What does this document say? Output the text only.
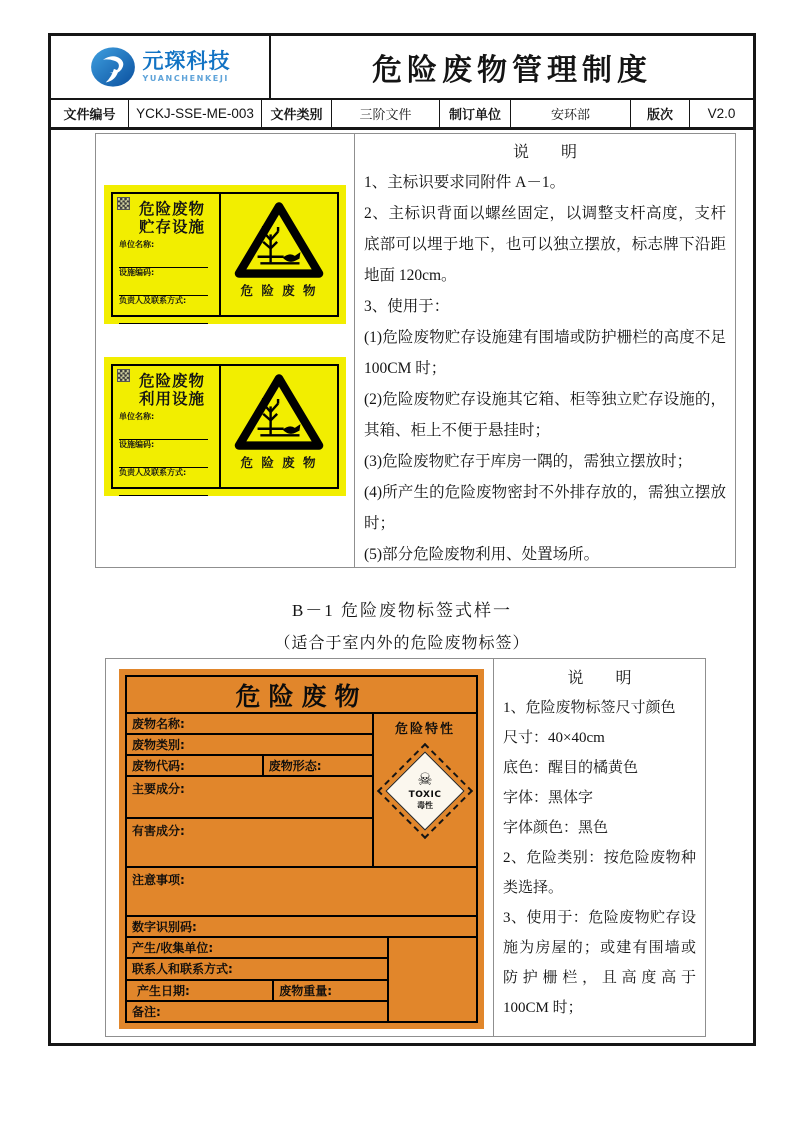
元琛科技
YUANCHENKEJI	危险废物管理制度
文件编号	YCKJ-SSE-ME-003	文件类别	三阶文件	制订单位	安环部	版次	V2.0
危险废物
贮存设施
单位名称:
设施编码:
负责人及联系方式:
危 险 废 物
危险废物
利用设施
单位名称:
设施编码:
负责人及联系方式:
危 险 废 物
说　　明

1、主标识要求同附件 A－1。

2、主标识背面以螺丝固定，以调整支杆高度，支杆底部可以埋于地下，也可以独立摆放，标志牌下沿距地面 120cm。

3、使用于：

(1)危险废物贮存设施建有围墙或防护栅栏的高度不足 100CM 时；

(2)危险废物贮存设施其它箱、柜等独立贮存设施的，其箱、柜上不便于悬挂时；

(3)危险废物贮存于库房一隅的，需独立摆放时；

(4)所产生的危险废物密封不外排存放的，需独立摆放时；

(5)部分危险废物利用、处置场所。

B－1 危险废物标签式样一
（适合于室内外的危险废物标签）
危险废物
废物名称:
废物类别:
废物代码:	废物形态:
主要成分:
有害成分:
危险特性
☠
TOXIC
毒性
注意事项:
数字识别码:
产生/收集单位:
联系人和联系方式:
产生日期:	废物重量:
备注:
说　　明

1、危险废物标签尺寸颜色

尺寸：40×40cm

底色：醒目的橘黄色

字体：黑体字

字体颜色：黑色

2、危险类别：按危险废物种类选择。

3、使用于：危险废物贮存设施为房屋的；或建有围墙或防护栅栏，且高度高于 100CM 时；
